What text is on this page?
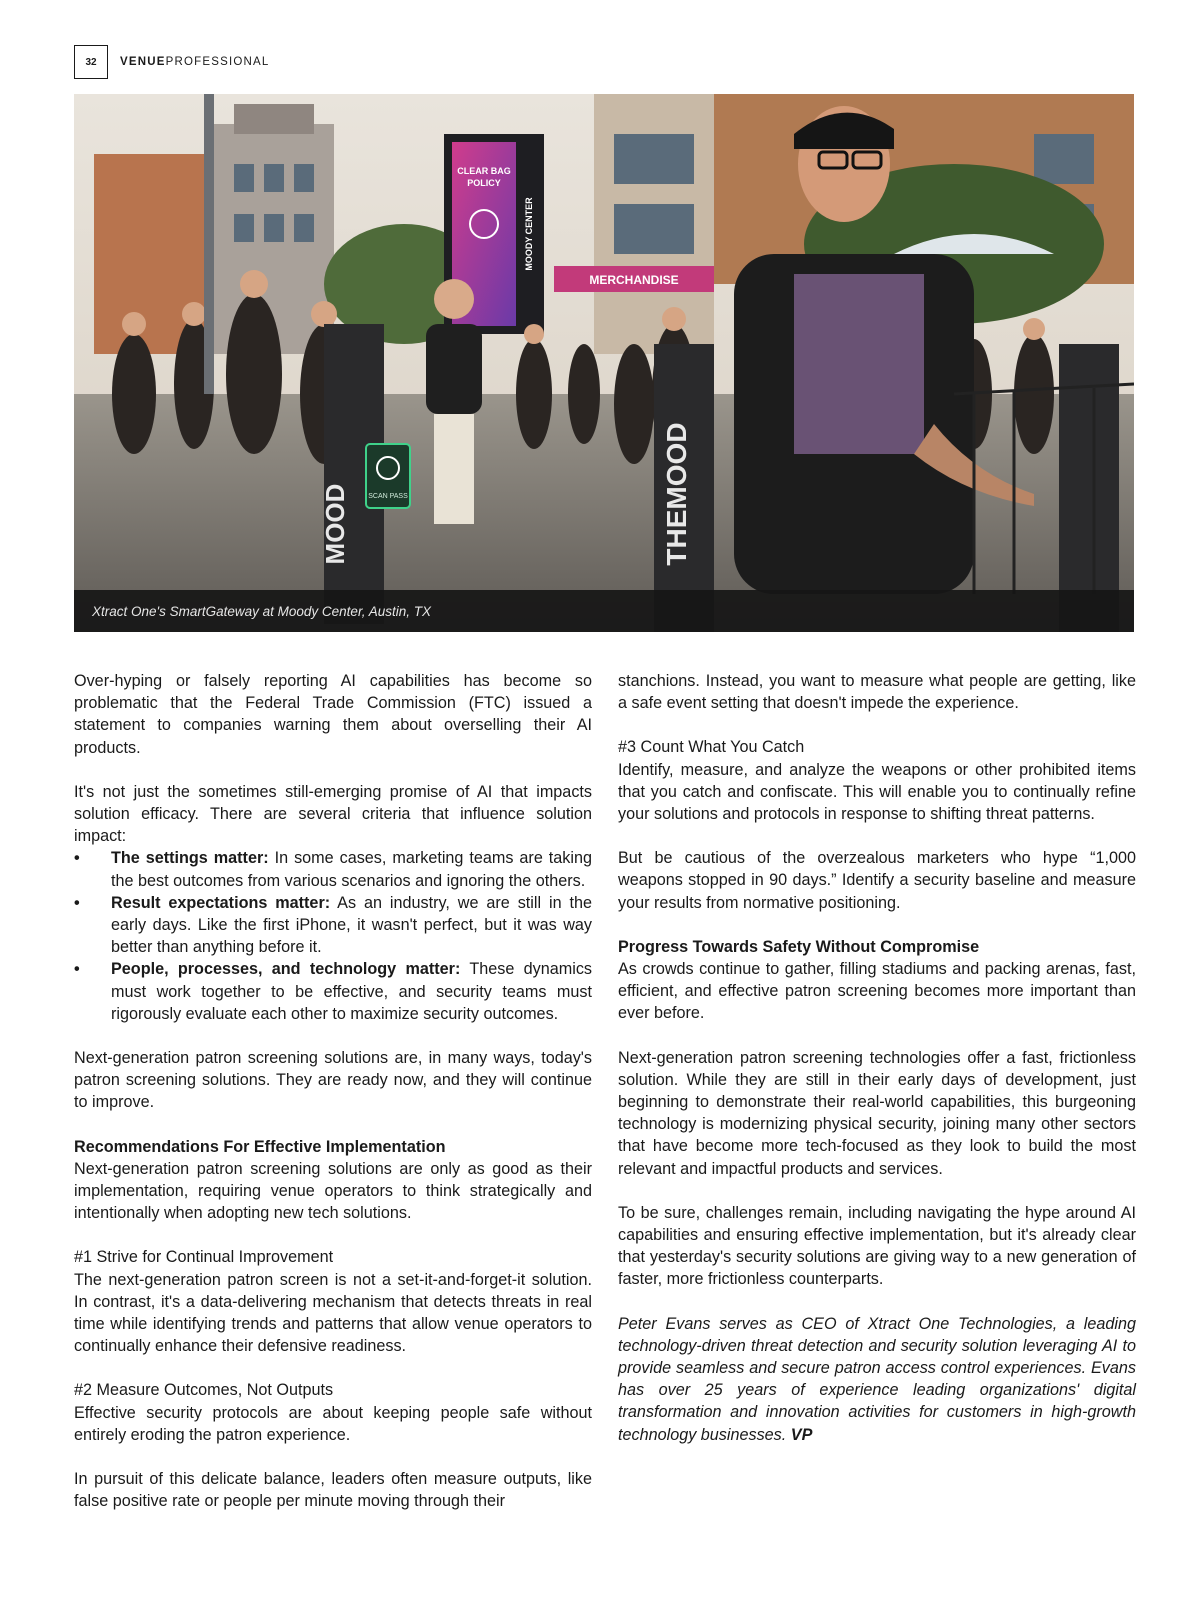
32	VENUEPROFESSIONAL
CLEAR BAG
POLICY
MOODY CENTER
MERCHANDISE
SCAN PASS
MOOD	THEMOOD
Xtract One's SmartGateway at Moody Center, Austin, TX

Over-hyping or falsely reporting AI capabilities has become so problematic that the Federal Trade Commission (FTC) issued a statement to companies warning them about overselling their AI products.

It's not just the sometimes still-emerging promise of AI that impacts solution efficacy. There are several criteria that influence solution impact:

• The settings matter: In some cases, marketing teams are taking the best outcomes from various scenarios and ignoring the others.
• Result expectations matter: As an industry, we are still in the early days. Like the first iPhone, it wasn't perfect, but it was way better than anything before it.
• People, processes, and technology matter: These dynamics must work together to be effective, and security teams must rigorously evaluate each other to maximize security outcomes.

Next-generation patron screening solutions are, in many ways, today's patron screening solutions. They are ready now, and they will continue to improve.

Recommendations For Effective Implementation

Next-generation patron screening solutions are only as good as their implementation, requiring venue operators to think strategically and intentionally when adopting new tech solutions.

#1 Strive for Continual Improvement

The next-generation patron screen is not a set-it-and-forget-it solution. In contrast, it's a data-delivering mechanism that detects threats in real time while identifying trends and patterns that allow venue operators to continually enhance their defensive readiness.

#2 Measure Outcomes, Not Outputs

Effective security protocols are about keeping people safe without entirely eroding the patron experience.

In pursuit of this delicate balance, leaders often measure outputs, like false positive rate or people per minute moving through their

stanchions. Instead, you want to measure what people are getting, like a safe event setting that doesn't impede the experience.

#3 Count What You Catch

Identify, measure, and analyze the weapons or other prohibited items that you catch and confiscate. This will enable you to continually refine your solutions and protocols in response to shifting threat patterns.

But be cautious of the overzealous marketers who hype “1,000 weapons stopped in 90 days.” Identify a security baseline and measure your results from normative positioning.

Progress Towards Safety Without Compromise

As crowds continue to gather, filling stadiums and packing arenas, fast, efficient, and effective patron screening becomes more important than ever before.

Next-generation patron screening technologies offer a fast, frictionless solution. While they are still in their early days of development, just beginning to demonstrate their real-world capabilities, this burgeoning technology is modernizing physical security, joining many other sectors that have become more tech-focused as they look to build the most relevant and impactful products and services.

To be sure, challenges remain, including navigating the hype around AI capabilities and ensuring effective implementation, but it's already clear that yesterday's security solutions are giving way to a new generation of faster, more frictionless counterparts.

Peter Evans serves as CEO of Xtract One Technologies, a leading technology-driven threat detection and security solution leveraging AI to provide seamless and secure patron access control experiences. Evans has over 25 years of experience leading organizations' digital transformation and innovation activities for customers in high-growth technology businesses. VP
